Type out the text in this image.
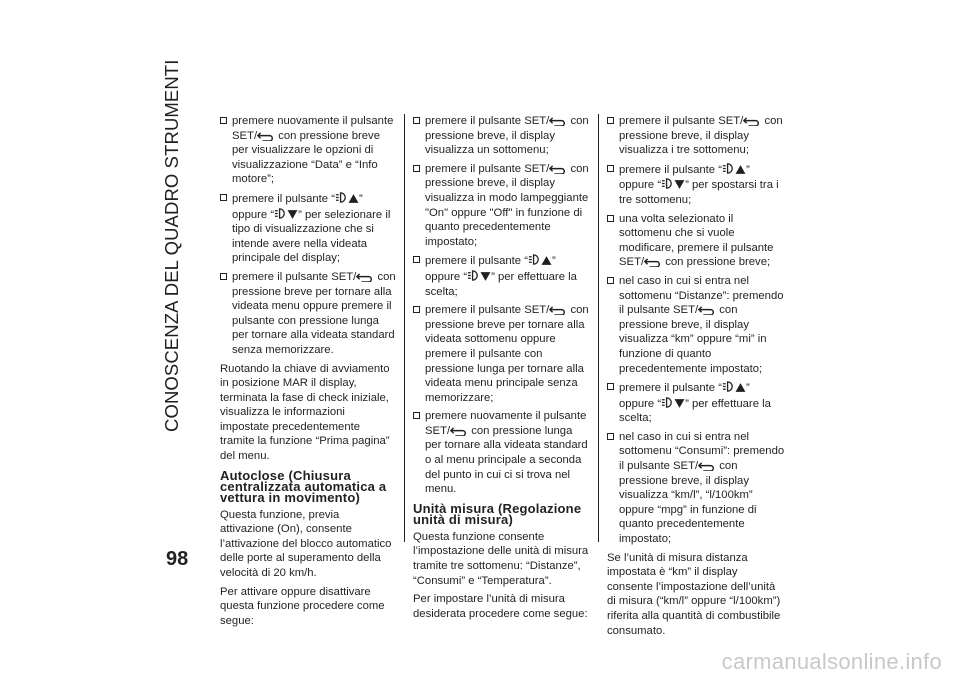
CONOSCENZA DEL QUADRO STRUMENTI
98
premere nuovamente il pulsante SET/
con pressione breve per visualizzare le opzioni di visualizzazione “Data” e “Info motore”;
premere il pulsante “ ” oppure “ ” per selezionare il tipo di visualizzazione che si intende avere nella videata principale del display;
premere il pulsante SET/
con pressione breve per tornare alla videata menu oppure premere il pulsante con pressione lunga per tornare alla videata standard senza memorizzare.

Ruotando la chiave di avviamento in posizione MAR il display, terminata la fase di check iniziale, visualizza le informazioni impostate precedentemente tramite la funzione “Prima pagina” del menu.

Autoclose (Chiusura centralizzata automatica a vettura in movimento)

Questa funzione, previa attivazione (On), consente l’attivazione del blocco automatico delle porte al superamento della velocità di 20 km/h.

Per attivare oppure disattivare questa funzione procedere come segue:

premere il pulsante SET/
con pressione breve, il display visualizza un sottomenu;
premere il pulsante SET/
con pressione breve, il display visualizza in modo lampeggiante "On" oppure "Off" in funzione di quanto precedentemente impostato;
premere il pulsante “ ” oppure “ ” per effettuare la scelta;
premere il pulsante SET/
con pressione breve per tornare alla videata sottomenu oppure premere il pulsante con pressione lunga per tornare alla videata menu principale senza memorizzare;
premere nuovamente il pulsante SET/
con pressione lunga per tornare alla videata standard o al menu principale a seconda del punto in cui ci si trova nel menu.
Unità misura (Regolazione unità di misura)

Questa funzione consente l’impostazione delle unità di misura tramite tre sottomenu: “Distanze”, “Consumi” e “Temperatura”.

Per impostare l’unità di misura desiderata procedere come segue:

premere il pulsante SET/
con pressione breve, il display visualizza i tre sottomenu;
premere il pulsante “ ” oppure “ ” per spostarsi tra i tre sottomenu;
una volta selezionato il sottomenu che si vuole modificare, premere il pulsante SET/
con pressione breve;
nel caso in cui si entra nel sottomenu “Distanze”: premendo il pulsante SET/
con pressione breve, il display visualizza “km” oppure “mi” in funzione di quanto precedentemente impostato;
premere il pulsante “ ” oppure “ ” per effettuare la scelta;
nel caso in cui si entra nel sottomenu “Consumi”: premendo il pulsante SET/
con pressione breve, il display visualizza “km/l”, “l/100km” oppure “mpg” in funzione di quanto precedentemente impostato;

Se l’unità di misura distanza impostata è “km” il display consente l’impostazione dell’unità di misura (“km/l” oppure “l/100km”) riferita alla quantità di combustibile consumato.

carmanualsonline.info
